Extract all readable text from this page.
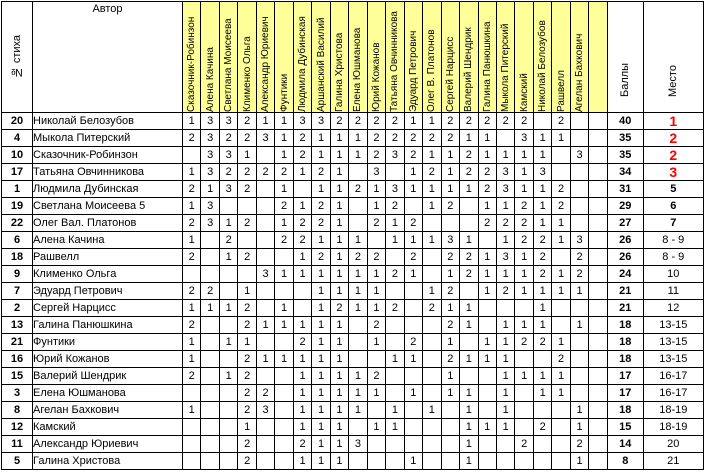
№ стиха	Автор	Сказочник-Робинзон	Алена Качина	Светлана Моисеева	Клименко Ольга	Александр Юриевич	Фунтики	Людмила Дубинская	Аршанский Василий	Галина Христова	Елена Юшманова	Юрий Кожанов	Татьяна Овчинникова	Эдуард Петрович	Олег В. Платонов	Сергей Нарцисс	Валерий Шендрик	Галина Панюшкина	Мыкола Питерский	Камский	Николай Белозубов	Рашвелл	Агелан Бахкович		Баллы	Место

20	Николай Белозубов	1	3	3	2	1	1	3	3	2	2	2	2	1	1	2	2	2	2	2		2			40	1
4	Мыкола Питерский	2	3	2	2	3	1	2	1	1	1	2	2	2	2	2	1	1		3	1	1			35	2
10	Сказочник-Робинзон		3	3	1		1	2	1	1	1	2	3	2	1	1	2	1	1	1	1		3		35	2
17	Татьяна Овчинникова	1	3	2	2	2	2	1	2	1		3		1	2	1	2	2	3	1	3				34	3
1	Людмила Дубинская	2	1	3	2		1		1	1	2	1	3	1	1	1	1	2	3	1	1	2			31	5
19	Светлана Моисеева 5	1	3				2	1	2	1		1	2		1	2		1	1	2	1	2			29	6
22	Олег Вал. Платонов	2	3	1	2		1	2	2	1		2	1	2				2	2	2	1	1			27	7
6	Алена Качина	1		2			2	2	1	1	1		1	1	1	3	1		1	2	2	1	3		26	8 - 9
18	Рашвелл	2		1	2			1	2	1	2	2		2		2	2	1	3	1	2		2		26	8 - 9
9	Клименко Ольга					3	1	1	1	1	1	1	2	1		1	2	1	1	1	2	1	2		24	10
7	Эдуард Петрович	2	2		1				1	1	1	1			1	2		1	2	1	1	1	1		21	11
2	Сергей Нарцисс	1	1	1	2		1		1	2	1	1	2		2	1	1				1				21	12
13	Галина Панюшкина	2			2	1	1	1	1	1		2				2	1		1	1	1		1		18	13-15
21	Фунтики	1		1	1			2	1	1		1		2		1		1	1	2	2	1			18	13-15
16	Юрий Кожанов	1			2	1	1	1	1	1			1	1		2	1	1	1			2			18	13-15
15	Валерий Шендрик	2		1	2			1	1	1	1	2				1			1	1	1	1			17	16-17
3	Елена Юшманова				2	2		1	1	1	1	1		1		1	1		1		1	1			17	16-17
8	Агелан Бахкович	1			2	3		1	1	1	1		1		1		1		1				1		18	18-19
12	Камский				1			1	1	1		1	1				1	1	1		2		1		15	18-19
11	Александр Юриевич				2			2	1	1	3						1			2			2		14	20
5	Галина Христова				2			1	1	1				1			1						1		8	21
